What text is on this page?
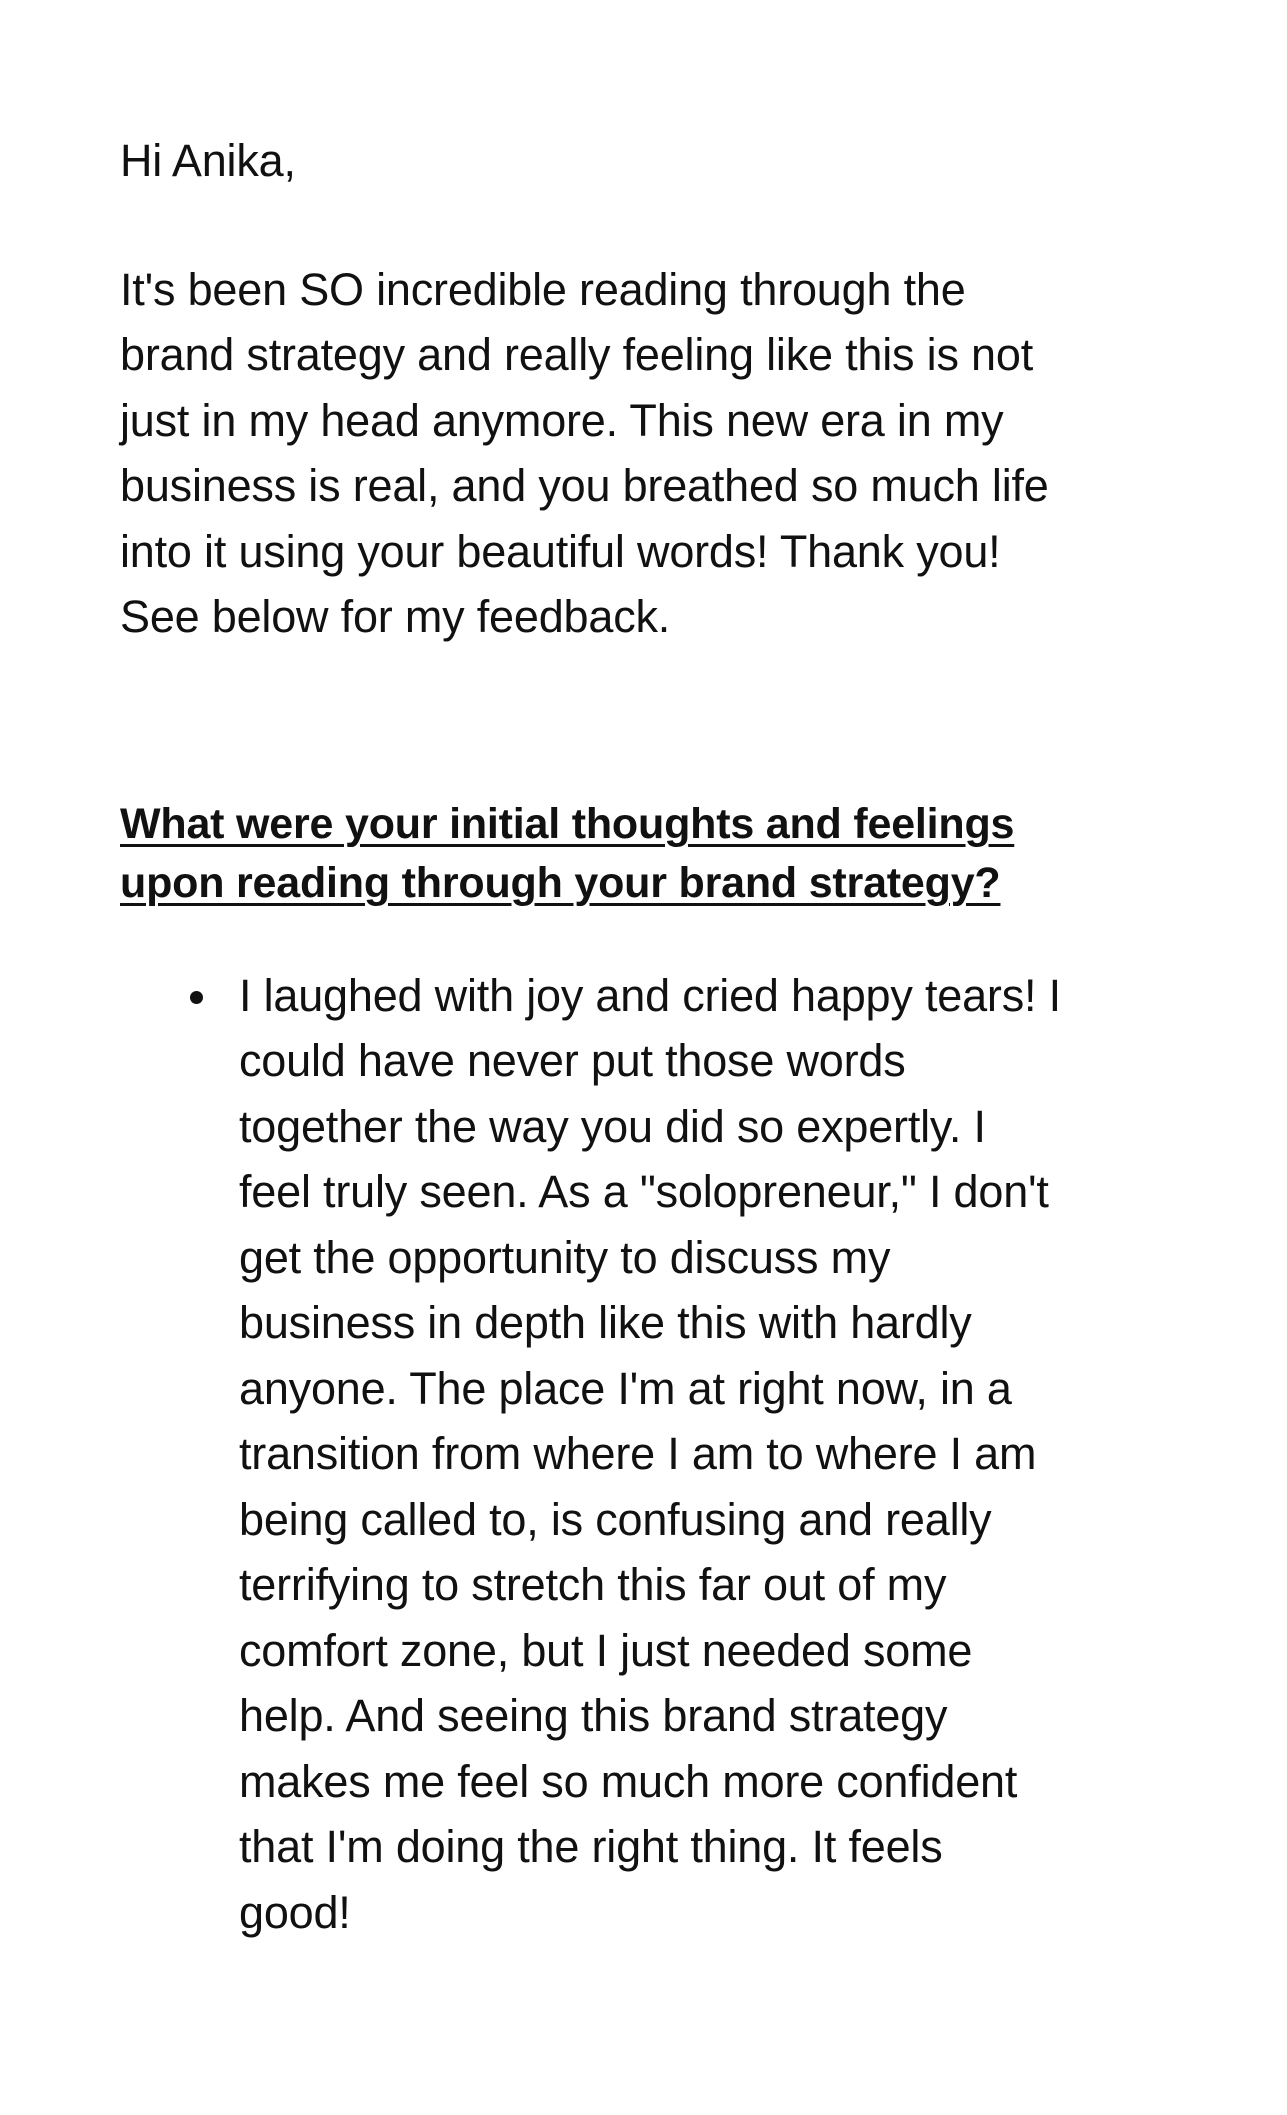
Hi Anika,

It's been SO incredible reading through the
brand strategy and really feeling like this is not
just in my head anymore. This new era in my
business is real, and you breathed so much life
into it using your beautiful words! Thank you!
See below for my feedback.

What were your initial thoughts and feelings
upon reading through your brand strategy?
I laughed with joy and cried happy tears! I
could have never put those words
together the way you did so expertly. I
feel truly seen. As a "solopreneur," I don't
get the opportunity to discuss my
business in depth like this with hardly
anyone. The place I'm at right now, in a
transition from where I am to where I am
being called to, is confusing and really
terrifying to stretch this far out of my
comfort zone, but I just needed some
help. And seeing this brand strategy
makes me feel so much more confident
that I'm doing the right thing. It feels
good!
